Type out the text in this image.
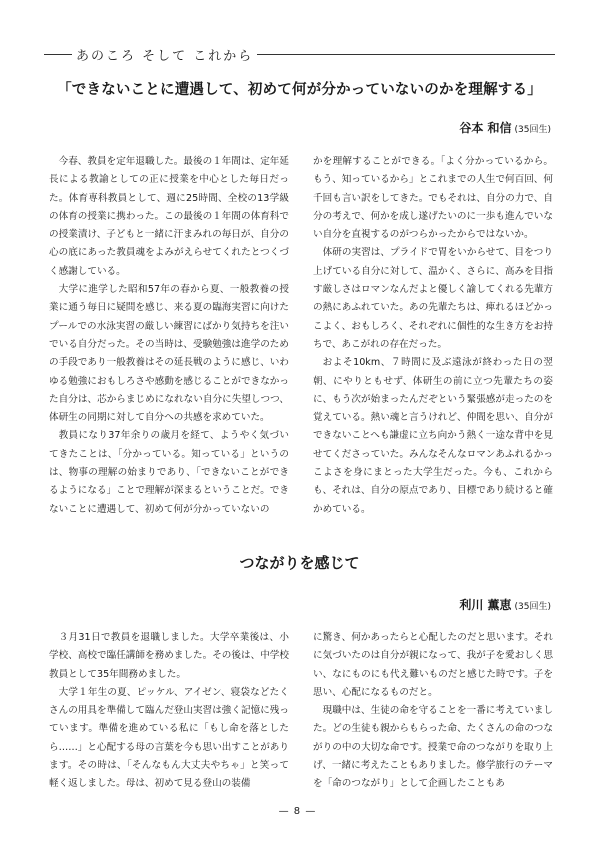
あのころ そして これから
「できないことに遭遇して、初めて何が分かっていないのかを理解する」
谷本 和信 (35回生)

今春、教員を定年退職した。最後の１年間は、定年延長による教諭としての正に授業を中心とした毎日だった。体育専科教員として、週に25時間、全校の13学級の体育の授業に携わった。この最後の１年間の体育科での授業漬け、子どもと一緒に汗まみれの毎日が、自分の心の底にあった教員魂をよみがえらせてくれたとつくづく感謝している。

大学に進学した昭和57年の春から夏、一般教養の授業に通う毎日に疑問を感じ、来る夏の臨海実習に向けたプールでの水泳実習の厳しい練習にばかり気持ちを注いでいる自分だった。その当時は、受験勉強は進学のための手段であり一般教養はその延長戦のように感じ、いわゆる勉強におもしろさや感動を感じることができなかった自分は、芯からまじめになれない自分に失望しつつ、体研生の同期に対して自分への共感を求めていた。

教員になり37年余りの歳月を経て、ようやく気づいてきたことは、「分かっている。知っている」というのは、物事の理解の始まりであり、「できないことができるようになる」ことで理解が深まるということだ。できないことに遭遇して、初めて何が分かっていないの

かを理解することができる。「よく分かっているから。もう、知っているから」とこれまでの人生で何百回、何千回も言い訳をしてきた。でもそれは、自分の力で、自分の考えで、何かを成し遂げたいのに一歩も進んでいない自分を直視するのがつらかったからではないか。

体研の実習は、プライドで胃をいからせて、目をつり上げている自分に対して、温かく、さらに、高みを目指す厳しさはロマンなんだよと優しく諭してくれる先輩方の熱にあふれていた。あの先輩たちは、痺れるほどかっこよく、おもしろく、それぞれに個性的な生き方をお持ちで、あこがれの存在だった。

およそ10km、７時間に及ぶ遠泳が終わった日の翌朝、にやりともせず、体研生の前に立つ先輩たちの姿に、もう次が始まったんだぞという緊張感が走ったのを覚えている。熱い魂と言うけれど、仲間を思い、自分ができないことへも謙虚に立ち向かう熱く一途な背中を見せてくださっていた。みんなそんなロマンあふれるかっこよさを身にまとった大学生だった。今も、これからも、それは、自分の原点であり、目標であり続けると確かめている。

つながりを感じて
利川 薫恵 (35回生)

３月31日で教員を退職しました。大学卒業後は、小学校、高校で臨任講師を務めました。その後は、中学校教員として35年間務めました。

大学１年生の夏、ピッケル、アイゼン、寝袋などたくさんの用具を準備して臨んだ登山実習は強く記憶に残っています。準備を進めている私に「もし命を落としたら……」と心配する母の言葉を今も思い出すことがあります。その時は、「そんなもん大丈夫やちゃ」と笑って軽く返しました。母は、初めて見る登山の装備

に驚き、何かあったらと心配したのだと思います。それに気づいたのは自分が親になって、我が子を愛おしく思い、なにものにも代え難いものだと感じた時です。子を思い、心配になるものだと。

現職中は、生徒の命を守ることを一番に考えていました。どの生徒も親からもらった命、たくさんの命のつながりの中の大切な命です。授業で命のつながりを取り上げ、一緒に考えたこともありました。修学旅行のテーマを「命のつながり」として企画したこともあ

— 8 —
